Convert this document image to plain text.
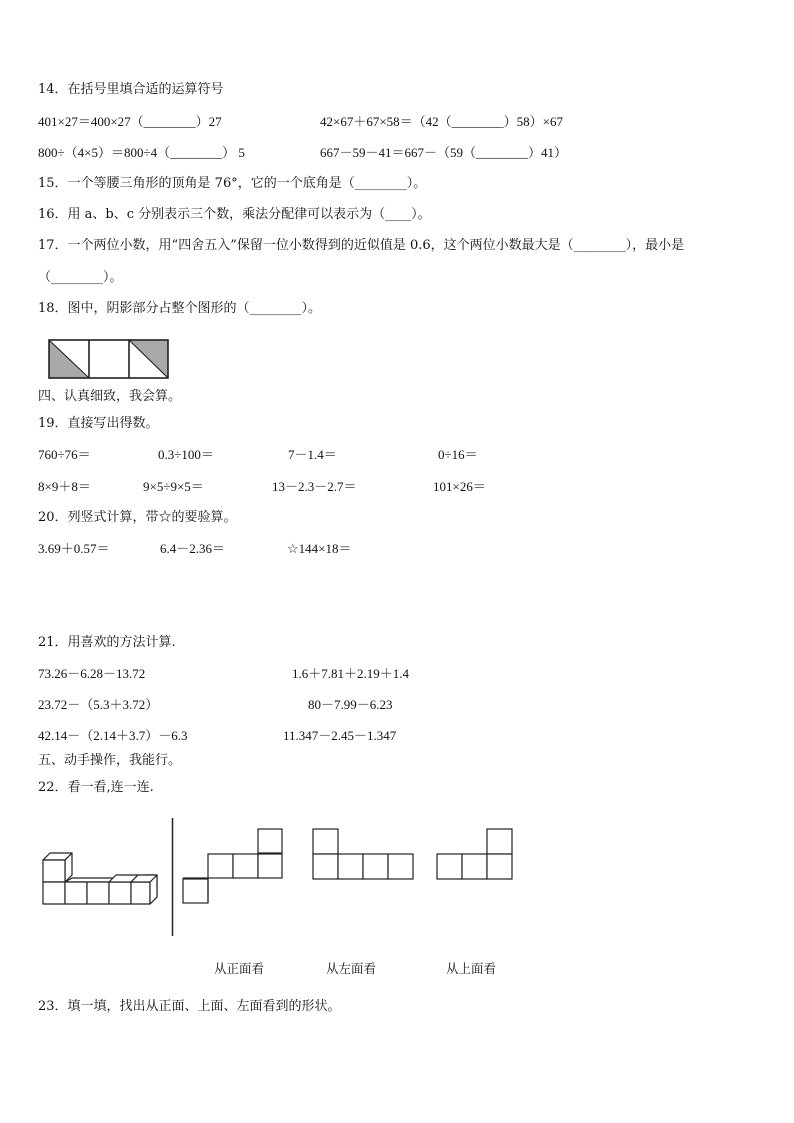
14．在括号里填合适的运算符号
401×27＝400×27（________）27	42×67＋67×58＝（42（________）58）×67
800÷（4×5）＝800÷4（________） 5	667－59－41＝667－（59（________）41）
15．一个等腰三角形的顶角是 76°，它的一个底角是（________）。
16．用 a、b、c 分别表示三个数，乘法分配律可以表示为（____）。
17．一个两位小数，用“四舍五入”保留一位小数得到的近似值是 0.6，这个两位小数最大是（________），最小是
（________）。
18．图中，阴影部分占整个图形的（________）。
四、认真细致，我会算。
19．直接写出得数。
760÷76＝	0.3÷100＝	7－1.4＝	0÷16＝
8×9＋8＝	9×5÷9×5＝	13－2.3－2.7＝	101×26＝
20．列竖式计算，带☆的要验算。
3.69＋0.57＝	6.4－2.36＝	☆144×18＝
21．用喜欢的方法计算.
73.26－6.28－13.72	1.6＋7.81＋2.19＋1.4
23.72－（5.3＋3.72）	80－7.99－6.23
42.14－（2.14＋3.7）－6.3	11.347－2.45－1.347
五、动手操作，我能行。
22．看一看,连一连.
从正面看	从左面看	从上面看
23．填一填，找出从正面、上面、左面看到的形状。
